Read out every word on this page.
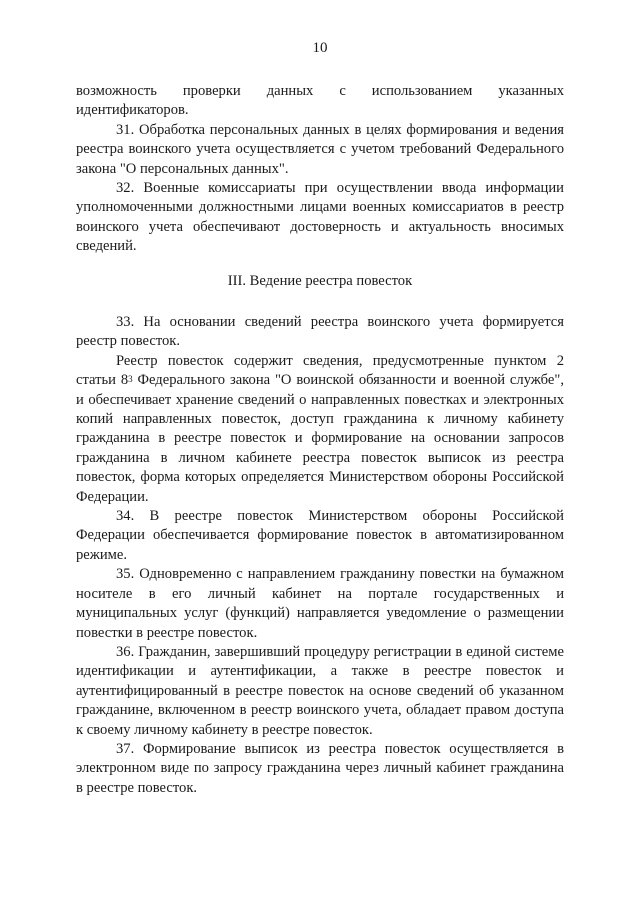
10

возможность проверки данных с использованием указанных идентификаторов.

31. Обработка персональных данных в целях формирования и ведения реестра воинского учета осуществляется с учетом требований Федерального закона "О персональных данных".

32. Военные комиссариаты при осуществлении ввода информации уполномоченными должностными лицами военных комиссариатов в реестр воинского учета обеспечивают достоверность и актуальность вносимых сведений.

III. Ведение реестра повесток

33. На основании сведений реестра воинского учета формируется реестр повесток.

Реестр повесток содержит сведения, предусмотренные пунктом 2 статьи $8^3$ Федерального закона "О воинской обязанности и военной службе", и обеспечивает хранение сведений о направленных повестках и электронных копий направленных повесток, доступ гражданина к личному кабинету гражданина в реестре повесток и формирование на основании запросов гражданина в личном кабинете реестра повесток выписок из реестра повесток, форма которых определяется Министерством обороны Российской Федерации.

34. В реестре повесток Министерством обороны Российской Федерации обеспечивается формирование повесток в автоматизированном режиме.

35. Одновременно с направлением гражданину повестки на бумажном носителе в его личный кабинет на портале государственных и муниципальных услуг (функций) направляется уведомление о размещении повестки в реестре повесток.

36. Гражданин, завершивший процедуру регистрации в единой системе идентификации и аутентификации, а также в реестре повесток и аутентифицированный в реестре повесток на основе сведений об указанном гражданине, включенном в реестр воинского учета, обладает правом доступа к своему личному кабинету в реестре повесток.

37. Формирование выписок из реестра повесток осуществляется в электронном виде по запросу гражданина через личный кабинет гражданина в реестре повесток.
